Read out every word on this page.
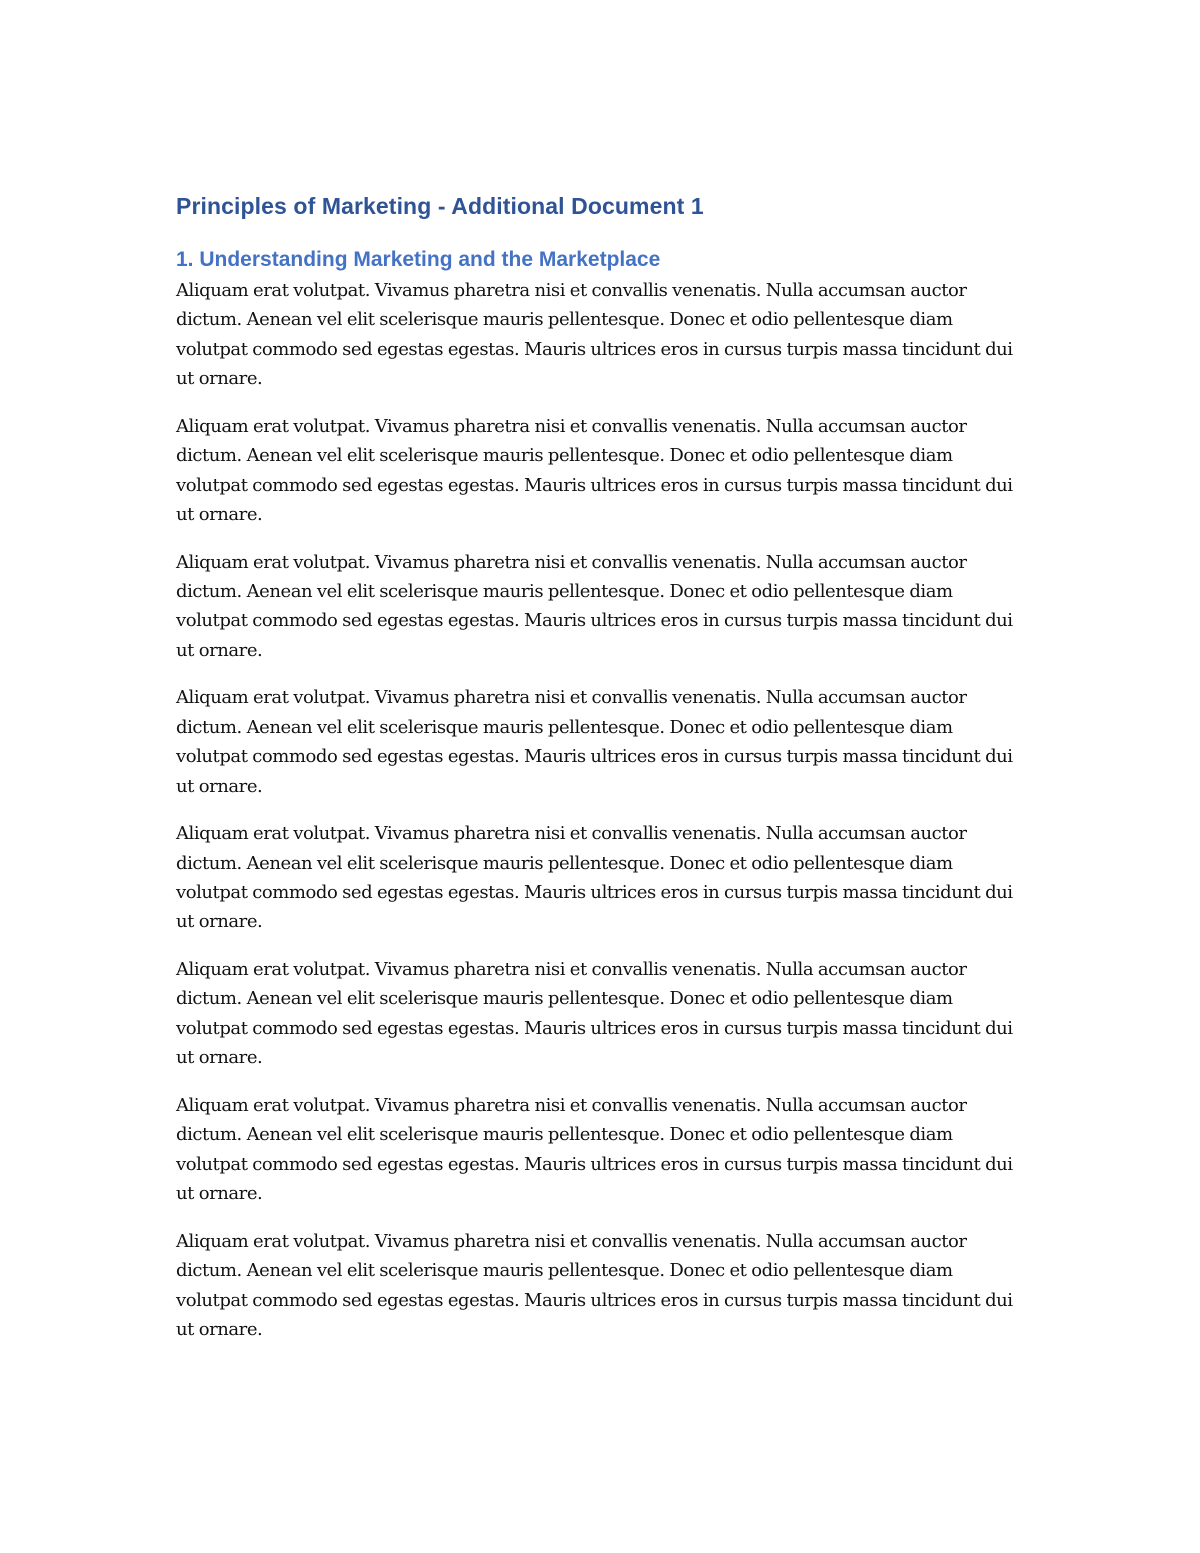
Principles of Marketing - Additional Document 1
1. Understanding Marketing and the Marketplace

Aliquam erat volutpat. Vivamus pharetra nisi et convallis venenatis. Nulla accumsan auctor dictum. Aenean vel elit scelerisque mauris pellentesque. Donec et odio pellentesque diam volutpat commodo sed egestas egestas. Mauris ultrices eros in cursus turpis massa tincidunt dui ut ornare.

Aliquam erat volutpat. Vivamus pharetra nisi et convallis venenatis. Nulla accumsan auctor dictum. Aenean vel elit scelerisque mauris pellentesque. Donec et odio pellentesque diam volutpat commodo sed egestas egestas. Mauris ultrices eros in cursus turpis massa tincidunt dui ut ornare.

Aliquam erat volutpat. Vivamus pharetra nisi et convallis venenatis. Nulla accumsan auctor dictum. Aenean vel elit scelerisque mauris pellentesque. Donec et odio pellentesque diam volutpat commodo sed egestas egestas. Mauris ultrices eros in cursus turpis massa tincidunt dui ut ornare.

Aliquam erat volutpat. Vivamus pharetra nisi et convallis venenatis. Nulla accumsan auctor dictum. Aenean vel elit scelerisque mauris pellentesque. Donec et odio pellentesque diam volutpat commodo sed egestas egestas. Mauris ultrices eros in cursus turpis massa tincidunt dui ut ornare.

Aliquam erat volutpat. Vivamus pharetra nisi et convallis venenatis. Nulla accumsan auctor dictum. Aenean vel elit scelerisque mauris pellentesque. Donec et odio pellentesque diam volutpat commodo sed egestas egestas. Mauris ultrices eros in cursus turpis massa tincidunt dui ut ornare.

Aliquam erat volutpat. Vivamus pharetra nisi et convallis venenatis. Nulla accumsan auctor dictum. Aenean vel elit scelerisque mauris pellentesque. Donec et odio pellentesque diam volutpat commodo sed egestas egestas. Mauris ultrices eros in cursus turpis massa tincidunt dui ut ornare.

Aliquam erat volutpat. Vivamus pharetra nisi et convallis venenatis. Nulla accumsan auctor dictum. Aenean vel elit scelerisque mauris pellentesque. Donec et odio pellentesque diam volutpat commodo sed egestas egestas. Mauris ultrices eros in cursus turpis massa tincidunt dui ut ornare.

Aliquam erat volutpat. Vivamus pharetra nisi et convallis venenatis. Nulla accumsan auctor dictum. Aenean vel elit scelerisque mauris pellentesque. Donec et odio pellentesque diam volutpat commodo sed egestas egestas. Mauris ultrices eros in cursus turpis massa tincidunt dui ut ornare.
